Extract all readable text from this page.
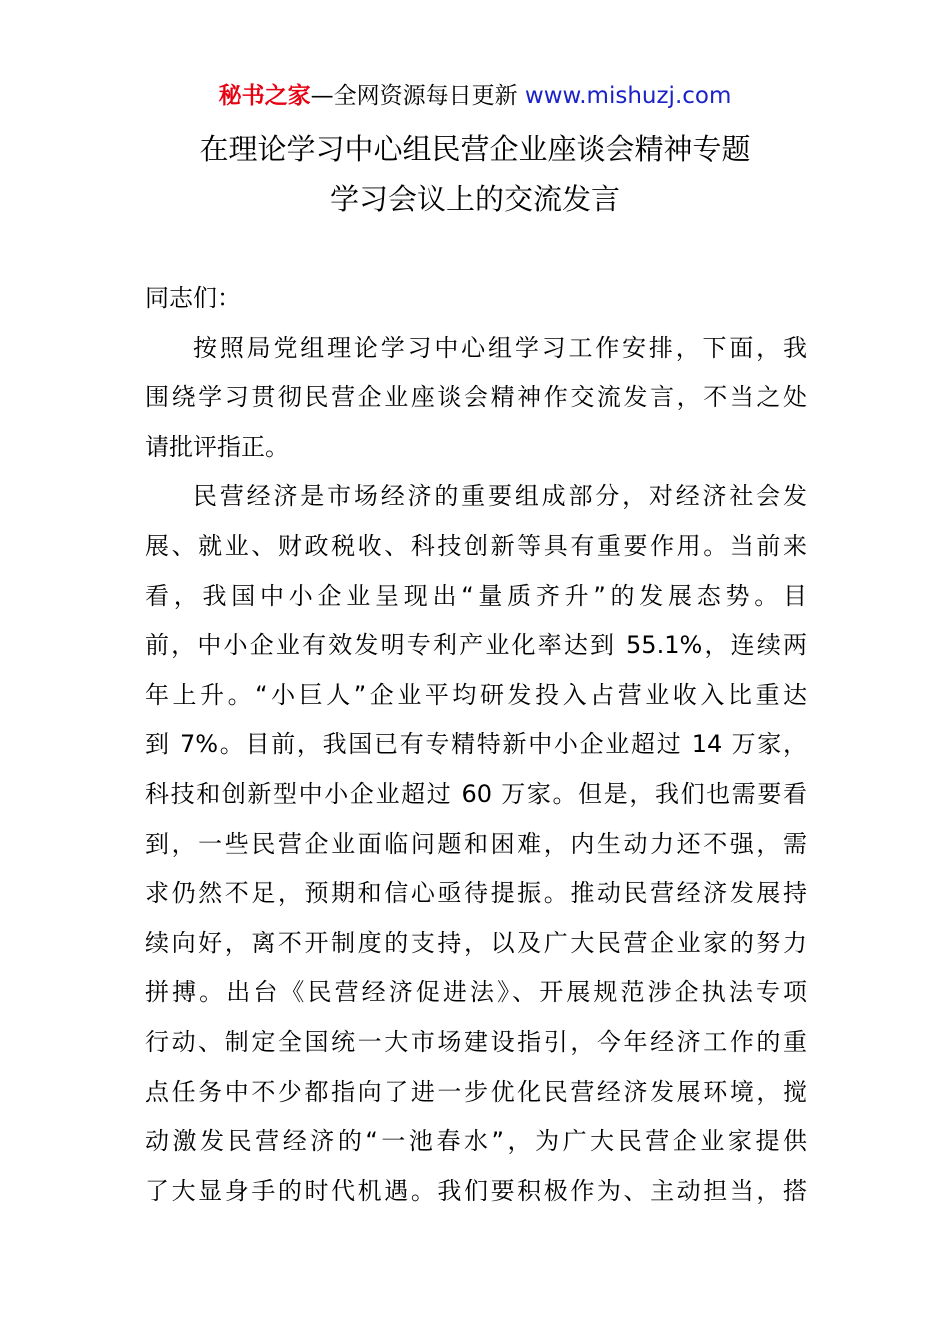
秘书之家—全网资源每日更新 www.mishuzj.com
在理论学习中心组民营企业座谈会精神专题
学习会议上的交流发言
同志们：

按照局党组理论学习中心组学习工作安排，下面，我
围绕学习贯彻民营企业座谈会精神作交流发言，不当之处
请批评指正。

民营经济是市场经济的重要组成部分，对经济社会发
展、就业、财政税收、科技创新等具有重要作用。当前来
看，我国中小企业呈现出“量质齐升”的发展态势。目
前，中小企业有效发明专利产业化率达到 55.1%，连续两
年上升。“小巨人”企业平均研发投入占营业收入比重达
到 7%。目前，我国已有专精特新中小企业超过 14 万家，
科技和创新型中小企业超过 60 万家。但是，我们也需要看
到，一些民营企业面临问题和困难，内生动力还不强，需
求仍然不足，预期和信心亟待提振。推动民营经济发展持
续向好，离不开制度的支持，以及广大民营企业家的努力
拼搏。出台《民营经济促进法》、开展规范涉企执法专项
行动、制定全国统一大市场建设指引，今年经济工作的重
点任务中不少都指向了进一步优化民营经济发展环境，搅
动激发民营经济的“一池春水”，为广大民营企业家提供
了大显身手的时代机遇。我们要积极作为、主动担当，搭
